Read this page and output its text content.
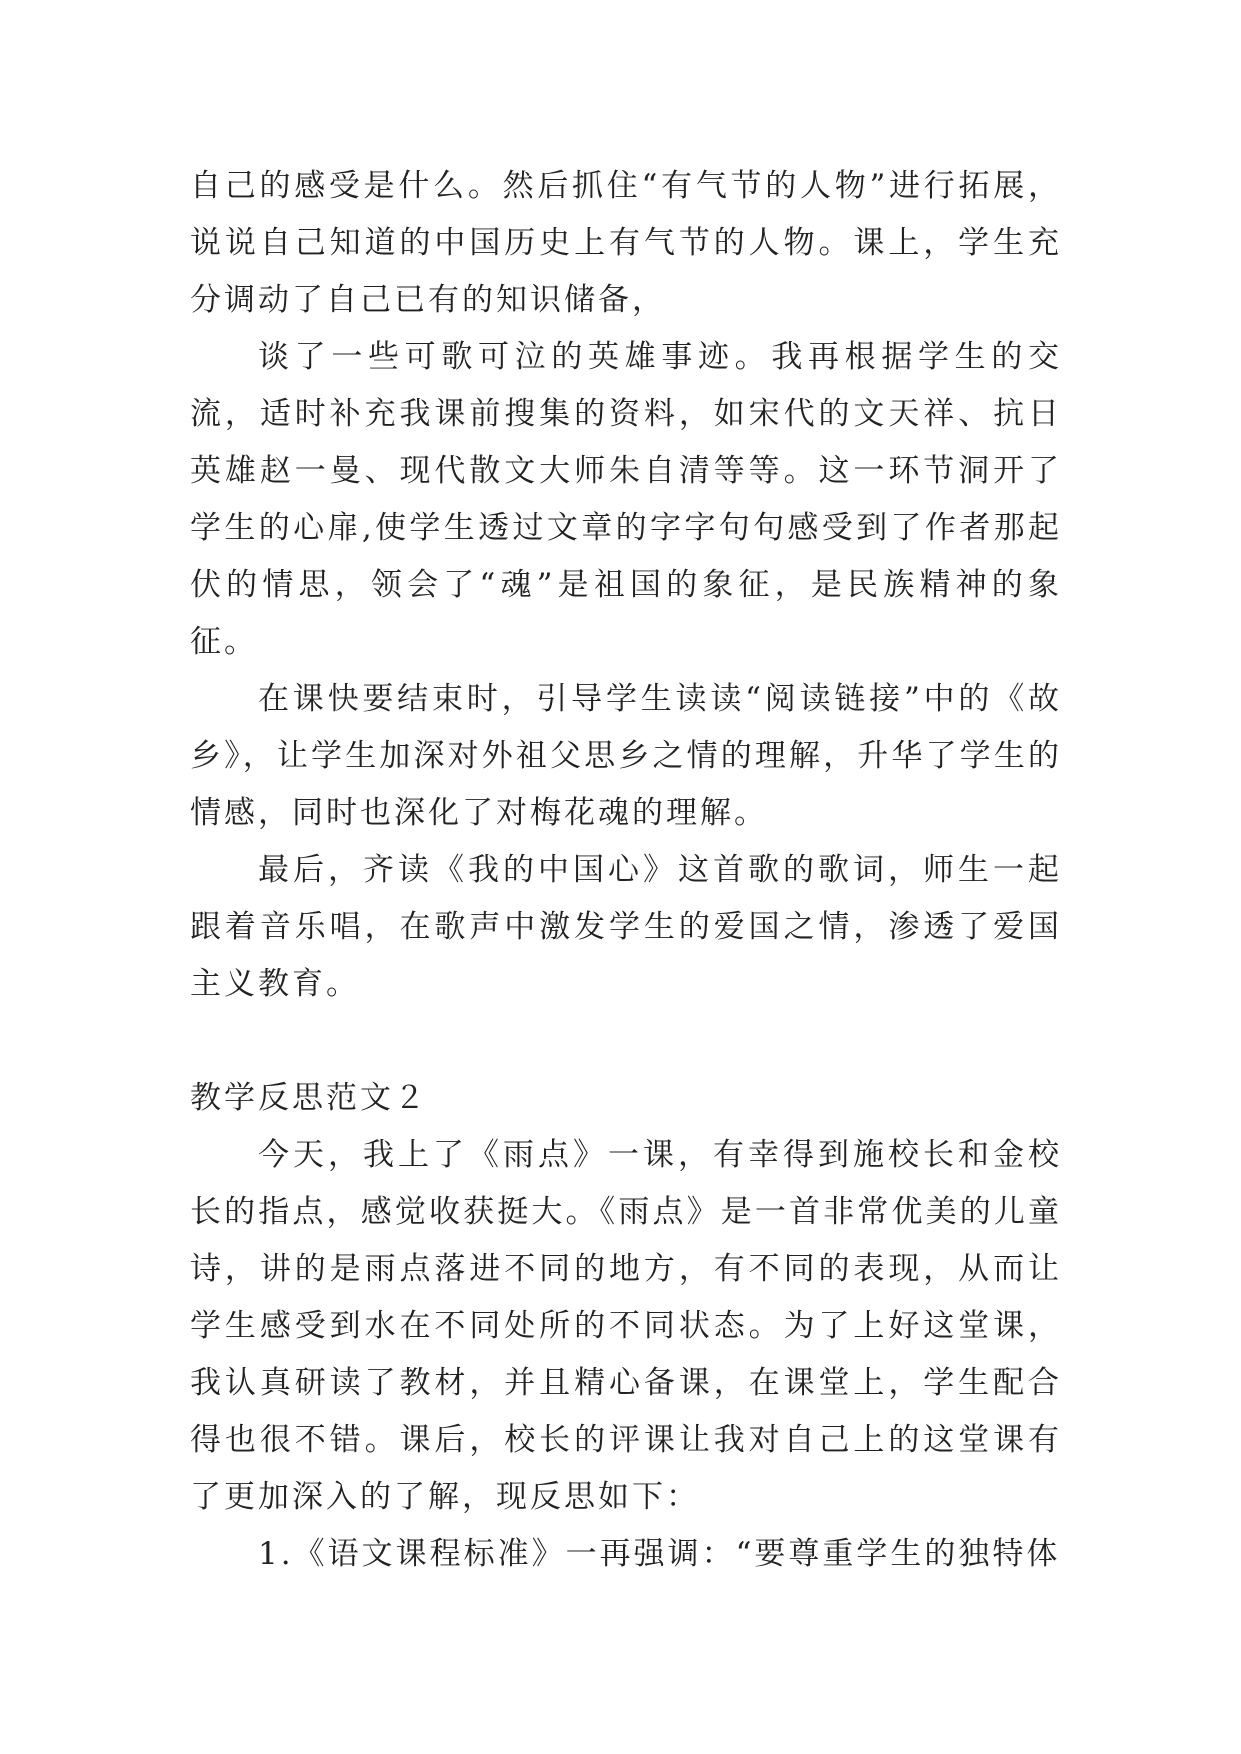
自己的感受是什么。然后抓住“有气节的人物”进行拓展，说说自己知道的中国历史上有气节的人物。课上，学生充分调动了自己已有的知识储备，

谈了一些可歌可泣的英雄事迹。我再根据学生的交流，适时补充我课前搜集的资料，如宋代的文天祥、抗日英雄赵一曼、现代散文大师朱自清等等。这一环节洞开了学生的心扉,使学生透过文章的字字句句感受到了作者那起伏的情思，领会了“魂”是祖国的象征，是民族精神的象征。

在课快要结束时，引导学生读读“阅读链接”中的《故乡》，让学生加深对外祖父思乡之情的理解，升华了学生的情感，同时也深化了对梅花魂的理解。

最后，齐读《我的中国心》这首歌的歌词，师生一起跟着音乐唱，在歌声中激发学生的爱国之情，渗透了爱国主义教育。

教学反思范文２

今天，我上了《雨点》一课，有幸得到施校长和金校长的指点，感觉收获挺大。《雨点》是一首非常优美的儿童诗，讲的是雨点落进不同的地方，有不同的表现，从而让学生感受到水在不同处所的不同状态。为了上好这堂课，我认真研读了教材，并且精心备课，在课堂上，学生配合得也很不错。课后，校长的评课让我对自己上的这堂课有了更加深入的了解，现反思如下：

1.《语文课程标准》一再强调：“要尊重学生的独特体
